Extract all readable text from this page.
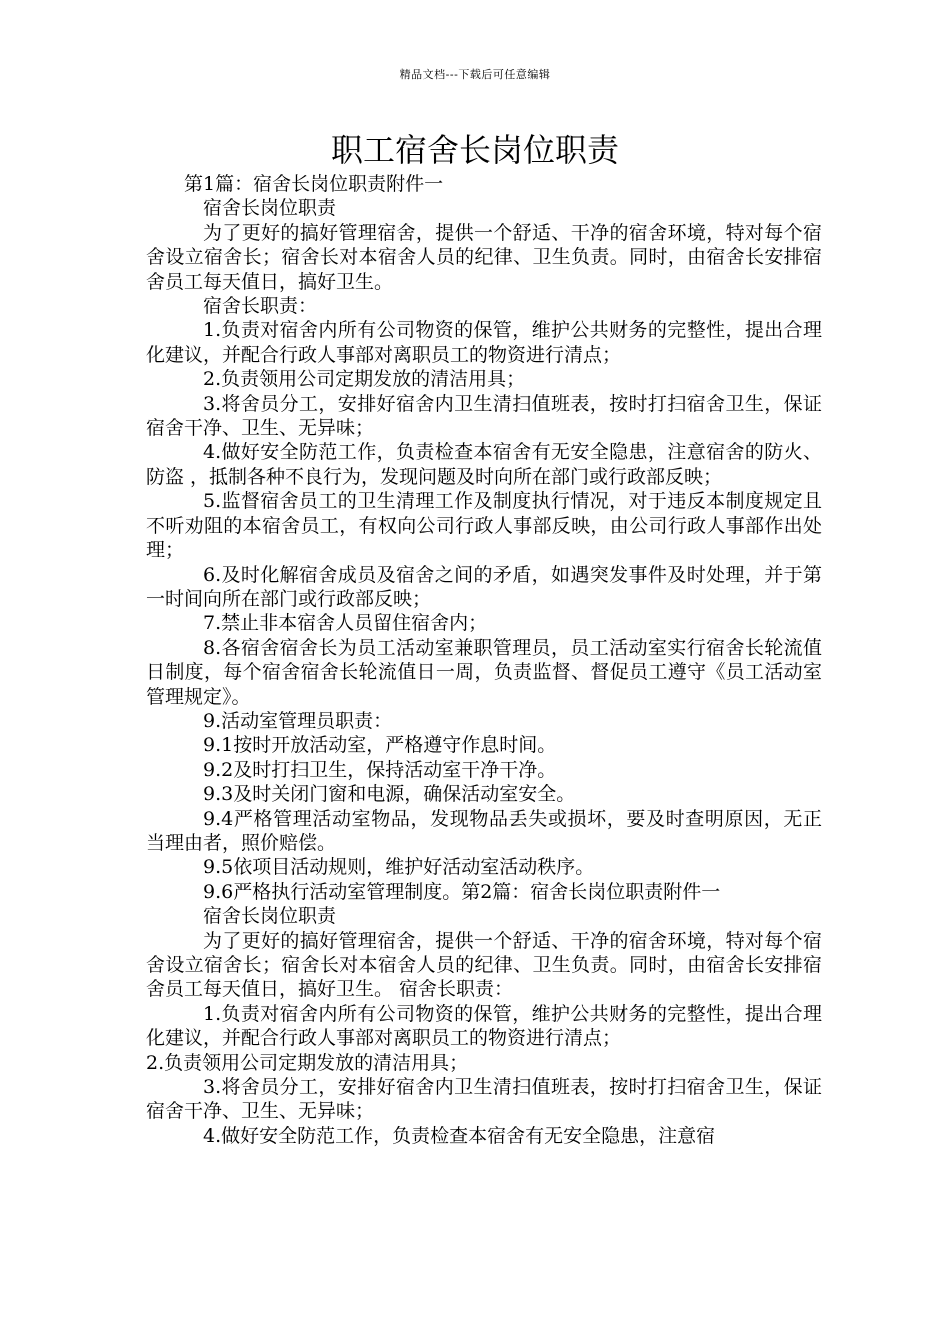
精品文档---下载后可任意编辑
职工宿舍长岗位职责

第1篇：宿舍长岗位职责附件一

宿舍长岗位职责

为了更好的搞好管理宿舍，提供一个舒适、干净的宿舍环境，特对每个宿舍设立宿舍长；宿舍长对本宿舍人员的纪律、卫生负责。同时，由宿舍长安排宿舍员工每天值日，搞好卫生。

宿舍长职责：

1.负责对宿舍内所有公司物资的保管，维护公共财务的完整性，提出合理化建议，并配合行政人事部对离职员工的物资进行清点；

2.负责领用公司定期发放的清洁用具；

3.将舍员分工，安排好宿舍内卫生清扫值班表，按时打扫宿舍卫生，保证宿舍干净、卫生、无异味；

4.做好安全防范工作，负责检查本宿舍有无安全隐患，注意宿舍的防火、防盗 ，抵制各种不良行为，发现问题及时向所在部门或行政部反映；

5.监督宿舍员工的卫生清理工作及制度执行情况，对于违反本制度规定且不听劝阻的本宿舍员工，有权向公司行政人事部反映，由公司行政人事部作出处理；

6.及时化解宿舍成员及宿舍之间的矛盾，如遇突发事件及时处理，并于第一时间向所在部门或行政部反映；

7.禁止非本宿舍人员留住宿舍内；

8.各宿舍宿舍长为员工活动室兼职管理员，员工活动室实行宿舍长轮流值日制度，每个宿舍宿舍长轮流值日一周，负责监督、督促员工遵守《员工活动室管理规定》。

9.活动室管理员职责：

9.1按时开放活动室，严格遵守作息时间。

9.2及时打扫卫生，保持活动室干净干净。

9.3及时关闭门窗和电源，确保活动室安全。

9.4严格管理活动室物品，发现物品丢失或损坏，要及时查明原因，无正当理由者，照价赔偿。

9.5依项目活动规则，维护好活动室活动秩序。

9.6严格执行活动室管理制度。第2篇：宿舍长岗位职责附件一

宿舍长岗位职责

为了更好的搞好管理宿舍，提供一个舒适、干净的宿舍环境，特对每个宿舍设立宿舍长；宿舍长对本宿舍人员的纪律、卫生负责。同时，由宿舍长安排宿舍员工每天值日，搞好卫生。 宿舍长职责：

1.负责对宿舍内所有公司物资的保管，维护公共财务的完整性，提出合理化建议，并配合行政人事部对离职员工的物资进行清点；

2.负责领用公司定期发放的清洁用具；

3.将舍员分工，安排好宿舍内卫生清扫值班表，按时打扫宿舍卫生，保证宿舍干净、卫生、无异味；

4.做好安全防范工作，负责检查本宿舍有无安全隐患，注意宿
